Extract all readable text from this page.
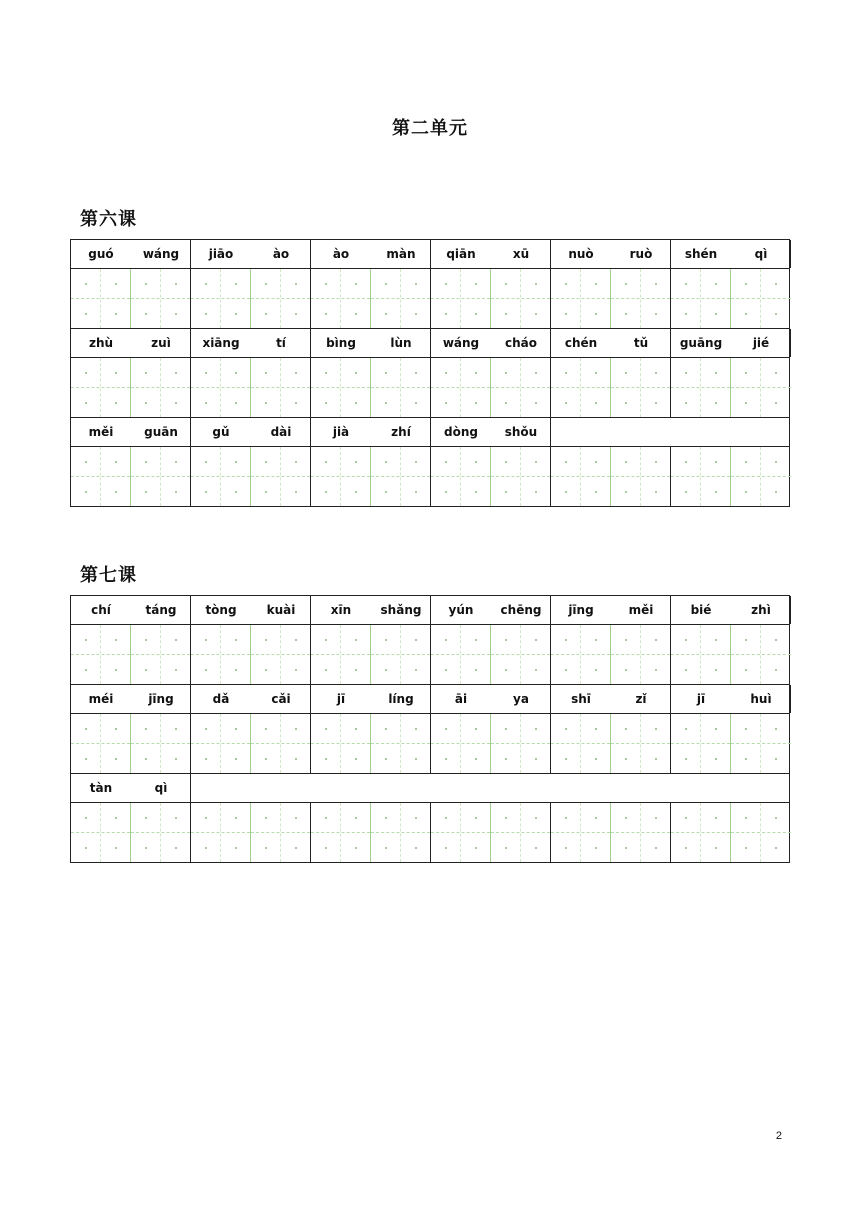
第二单元
第六课
guó	wáng	jiāo	ào	ào	màn	qiān	xū	nuò	ruò	shén	qì
zhù	zuì	xiāng	tí	bìng	lùn	wáng	cháo	chén	tǔ	guāng	jié
měi	guān	gǔ	dài	jià	zhí	dòng	shǒu
第七课
chí	táng	tòng	kuài	xīn	shǎng	yún	chēng	jīng	měi	bié	zhì
méi	jīng	dǎ	cǎi	jī	líng	āi	ya	shī	zǐ	jī	huì
tàn	qì
2
